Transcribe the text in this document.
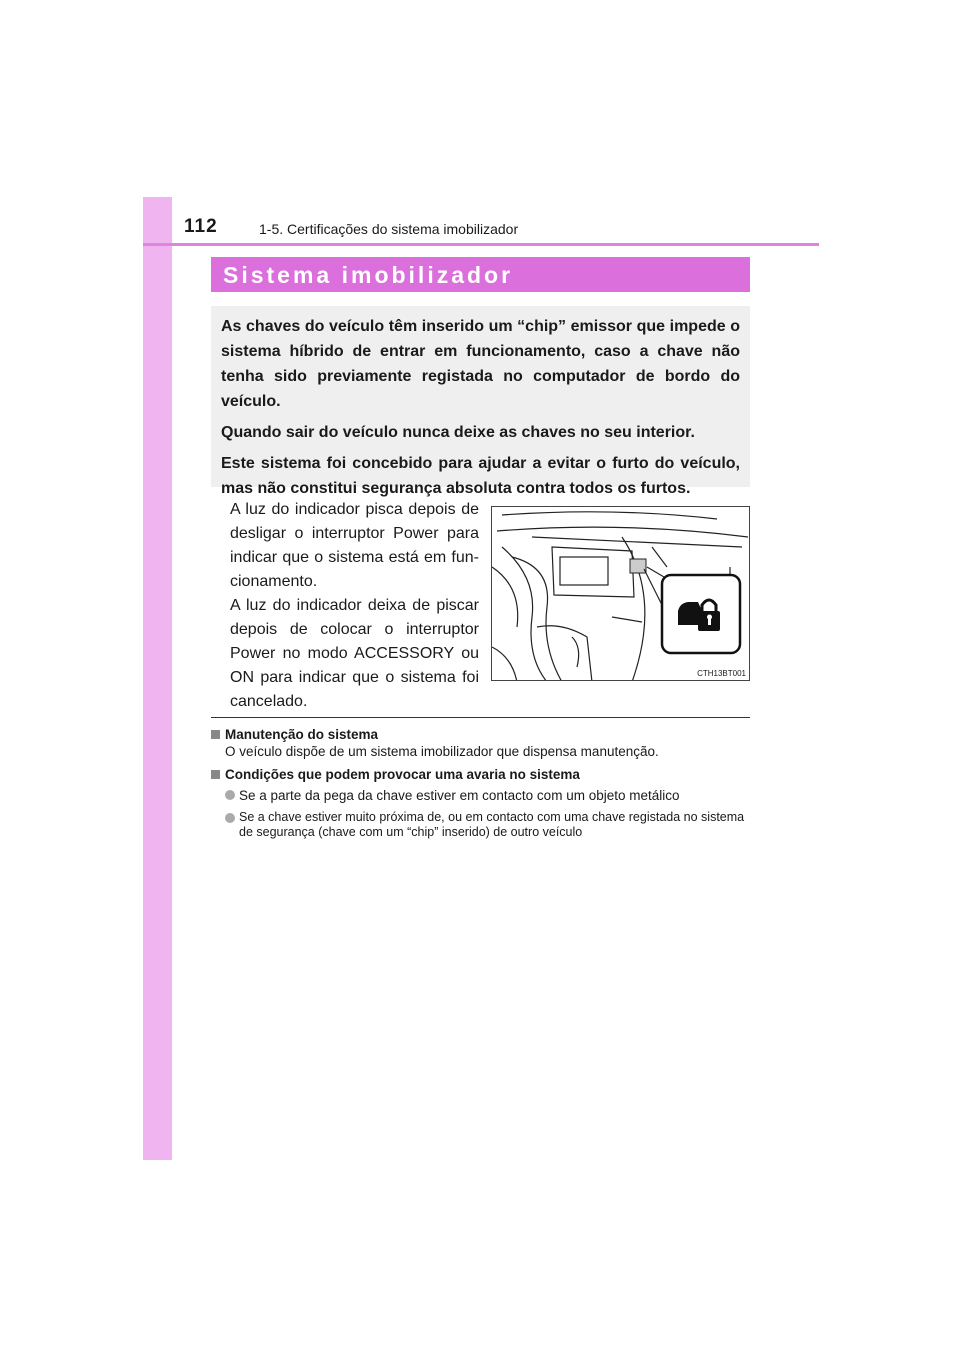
112	1-5. Certificações do sistema imobilizador
Sistema imobilizador

As chaves do veículo têm inserido um “chip” emissor que impede o sistema híbrido de entrar em funcionamento, caso a chave não tenha sido previamente registada no computador de bordo do veículo.

Quando sair do veículo nunca deixe as chaves no seu interior.

Este sistema foi concebido para ajudar a evitar o furto do veículo, mas não constitui segurança absoluta contra todos os furtos.

A luz do indicador pisca depois de desligar o interruptor Power para indicar que o sistema está em fun-cionamento.

A luz do indicador deixa de piscar depois de colocar o interruptor Power no modo ACCESSORY ou ON para indicar que o sistema foi cancelado.

CTH13BT001
Manutenção do sistema
O veículo dispõe de um sistema imobilizador que dispensa manutenção.
Condições que podem provocar uma avaria no sistema
Se a parte da pega da chave estiver em contacto com um objeto metálico
Se a chave estiver muito próxima de, ou em contacto com uma chave registada no sistema de segurança (chave com um “chip” inserido) de outro veículo
